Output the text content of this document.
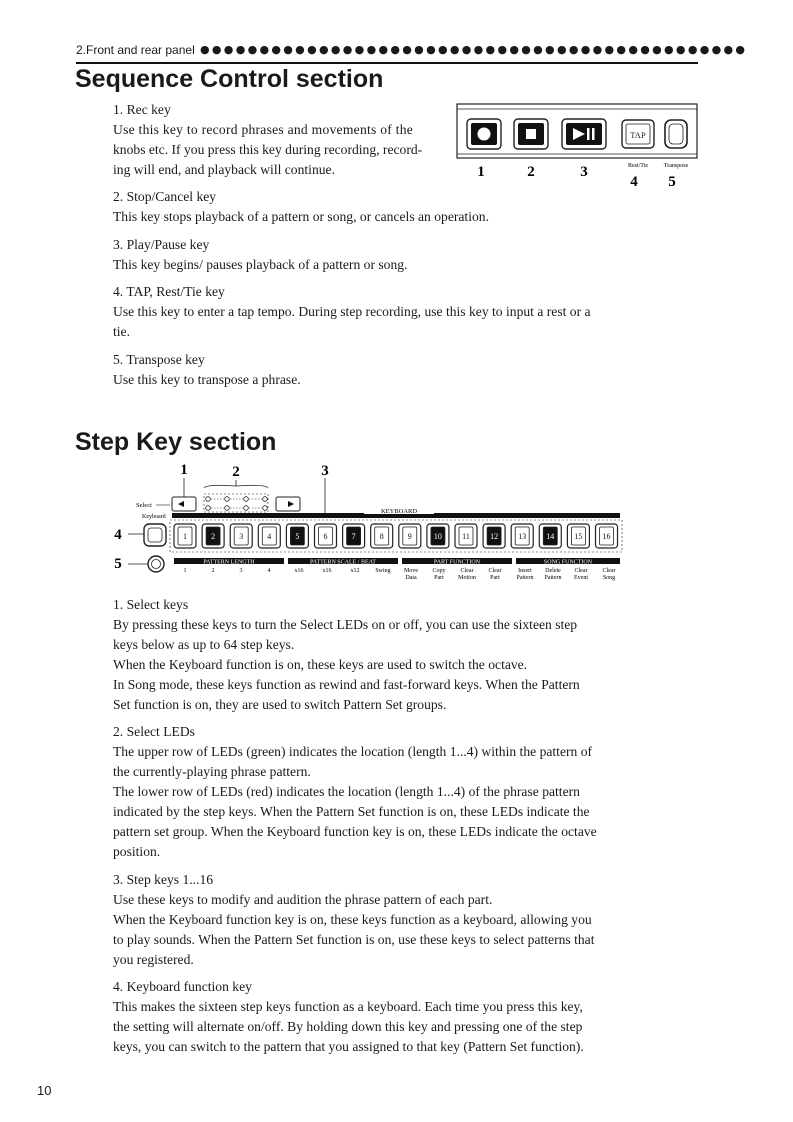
2.Front and rear panel ●●●●●●●●●●●●●●●●●●●●●●●●●●●●●●●●●●●●●●●●●●●●●●
Sequence Control section

1. Rec key

Use this key to record phrases and movements of the

knobs etc. If you press this key during recording, record-

ing will end, and playback will continue.

TAP
Rest/Tie	Transpose
1	2	3
4 5

2. Stop/Cancel key

This key stops playback of a pattern or song, or cancels an operation.

3. Play/Pause key

This key begins/ pauses playback of a pattern or song.

4. TAP, Rest/Tie key

Use this key to enter a tap tempo. During step recording, use this key to input a rest or a

tie.

5. Transpose key

Use this key to transpose a phrase.

Step Key section
1	2	3
4
5
Select
Keyboard
KEYBOARD
1	2	3	4	5	6	7	8	9	10	11	12	13	14	15	16
PATTERN LENGTH	PATTERN SCALE / BEAT	PART FUNCTION	SONG FUNCTION
1	2	3	4	x16	x16	x12	Swing Move
Data
Copy
Part
Clear
Motion
Clear
Part
Insert
Pattern
Delete
Pattern
Clear
Event
Clear
Song

1. Select keys

By pressing these keys to turn the Select LEDs on or off, you can use the sixteen step

keys below as up to 64 step keys.

When the Keyboard function is on, these keys are used to switch the octave.

In Song mode, these keys function as rewind and fast-forward keys. When the Pattern

Set function is on, they are used to switch Pattern Set groups.

2. Select LEDs

The upper row of LEDs (green) indicates the location (length 1...4) within the pattern of

the currently-playing phrase pattern.

The lower row of LEDs (red) indicates the location (length 1...4) of the phrase pattern

indicated by the step keys. When the Pattern Set function is on, these LEDs indicate the

pattern set group. When the Keyboard function key is on, these LEDs indicate the octave

position.

3. Step keys 1...16

Use these keys to modify and audition the phrase pattern of each part.

When the Keyboard function key is on, these keys function as a keyboard, allowing you

to play sounds. When the Pattern Set function is on, use these keys to select patterns that

you registered.

4. Keyboard function key

This makes the sixteen step keys function as a keyboard. Each time you press this key,

the setting will alternate on/off. By holding down this key and pressing one of the step

keys, you can switch to the pattern that you assigned to that key (Pattern Set function).

10
